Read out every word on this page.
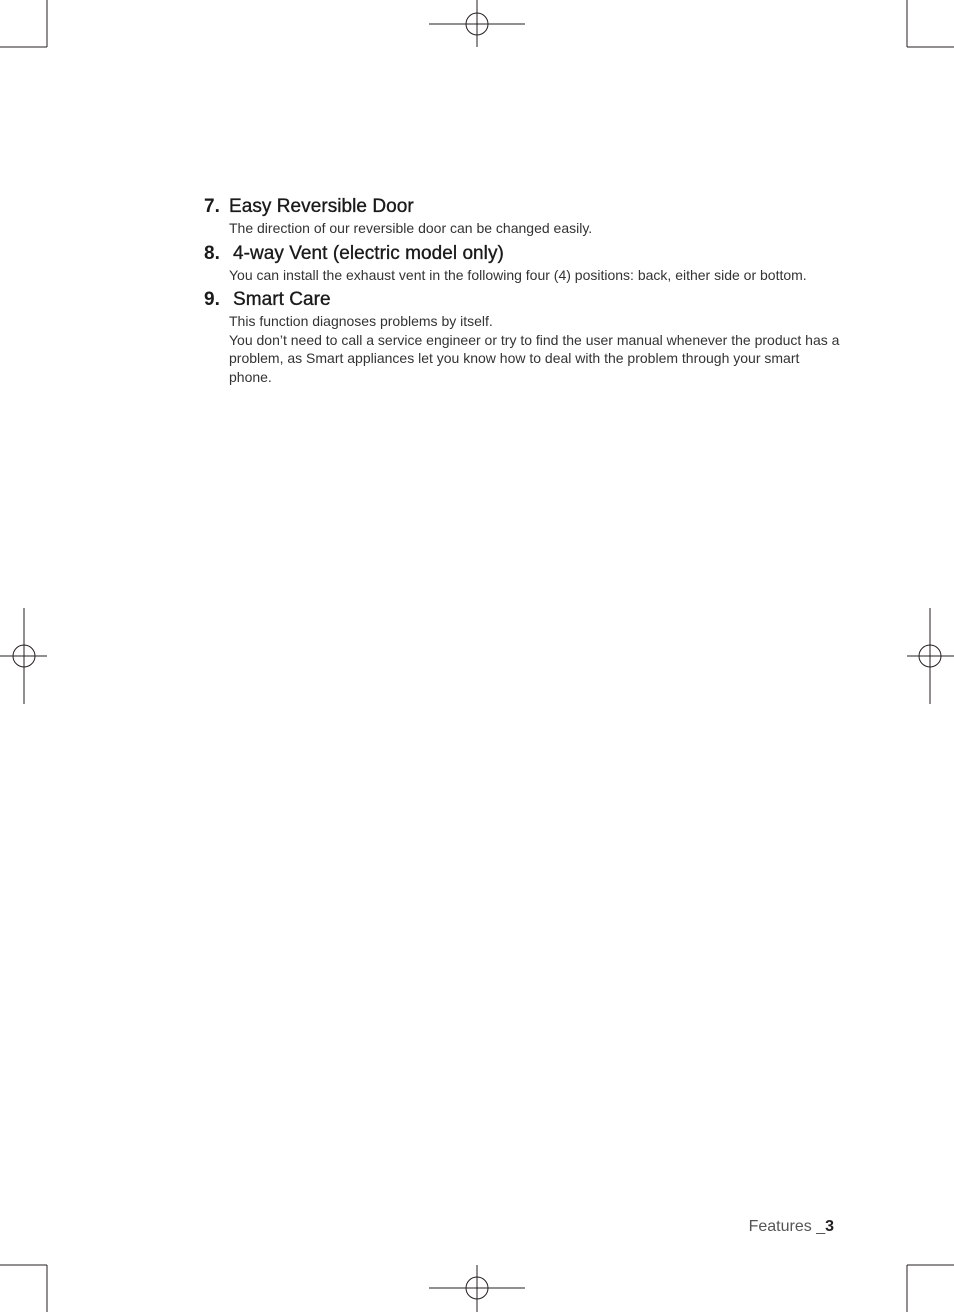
7. Easy Reversible Door

The direction of our reversible door can be changed easily.

8. 4-way Vent (electric model only)

You can install the exhaust vent in the following four (4) positions: back, either side or bottom.

9. Smart Care

This function diagnoses problems by itself.

You don’t need to call a service engineer or try to find the user manual whenever the product has a problem, as Smart appliances let you know how to deal with the problem through your smart phone.

Features _3
